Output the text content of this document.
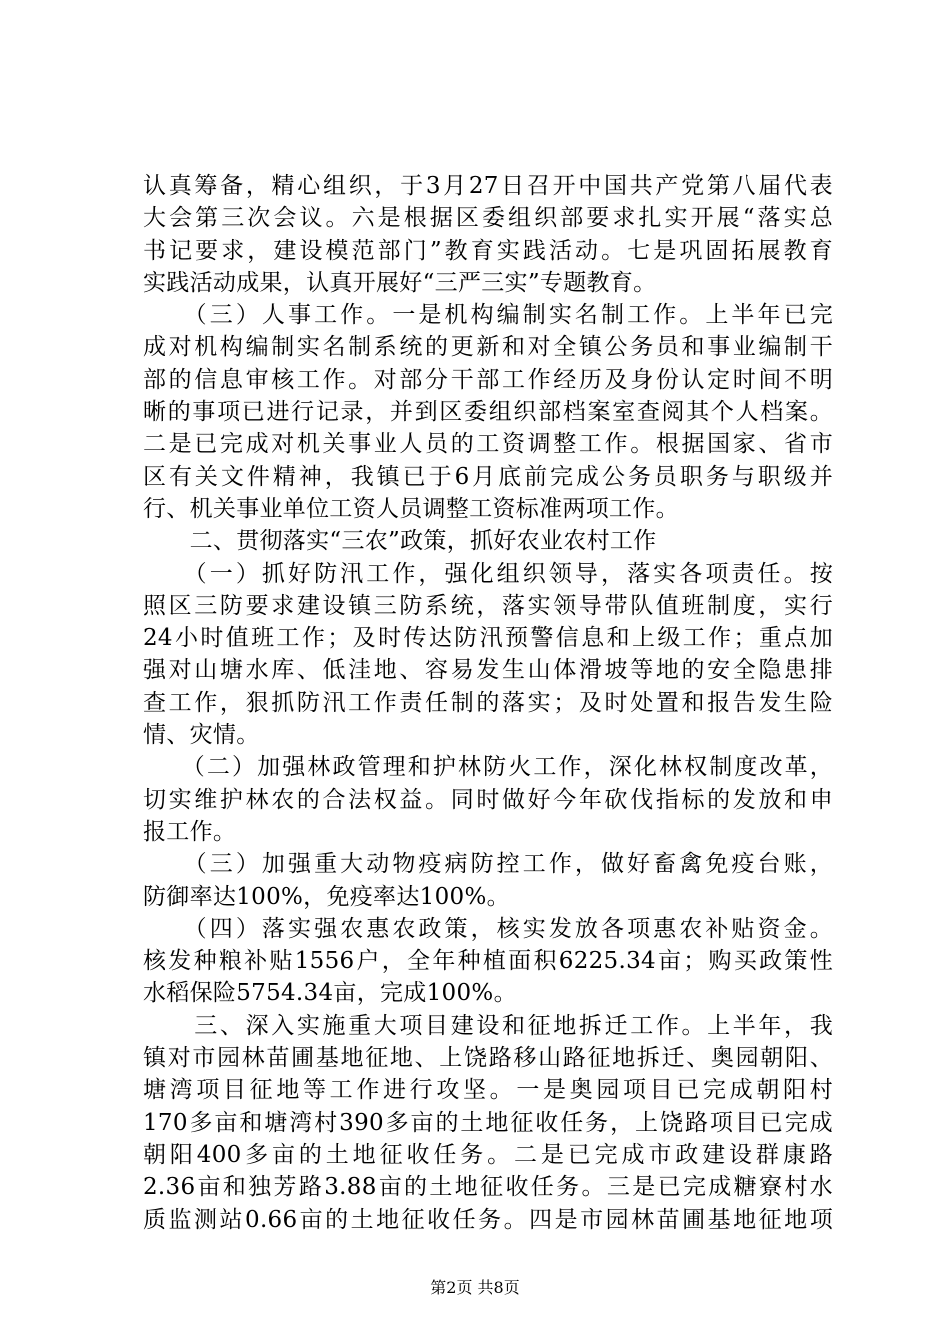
认真筹备，精心组织，于3月27日召开中国共产党第八届代表
大会第三次会议。六是根据区委组织部要求扎实开展“落实总
书记要求，建设模范部门”教育实践活动。七是巩固拓展教育
实践活动成果，认真开展好“三严三实”专题教育。
　　（三）人事工作。一是机构编制实名制工作。上半年已完
成对机构编制实名制系统的更新和对全镇公务员和事业编制干
部的信息审核工作。对部分干部工作经历及身份认定时间不明
晰的事项已进行记录，并到区委组织部档案室查阅其个人档案。
二是已完成对机关事业人员的工资调整工作。根据国家、省市
区有关文件精神，我镇已于6月底前完成公务员职务与职级并
行、机关事业单位工资人员调整工资标准两项工作。
　　二、贯彻落实“三农”政策，抓好农业农村工作
　　（一）抓好防汛工作，强化组织领导，落实各项责任。按
照区三防要求建设镇三防系统，落实领导带队值班制度，实行
24小时值班工作；及时传达防汛预警信息和上级工作；重点加
强对山塘水库、低洼地、容易发生山体滑坡等地的安全隐患排
查工作，狠抓防汛工作责任制的落实；及时处置和报告发生险
情、灾情。
　　（二）加强林政管理和护林防火工作，深化林权制度改革，
切实维护林农的合法权益。同时做好今年砍伐指标的发放和申
报工作。
　　（三）加强重大动物疫病防控工作，做好畜禽免疫台账，
防御率达100%，免疫率达100%。
　　（四）落实强农惠农政策，核实发放各项惠农补贴资金。
核发种粮补贴1556户，全年种植面积6225.34亩；购买政策性
水稻保险5754.34亩，完成100%。
　　三、深入实施重大项目建设和征地拆迁工作。上半年，我
镇对市园林苗圃基地征地、上饶路移山路征地拆迁、奥园朝阳、
塘湾项目征地等工作进行攻坚。一是奥园项目已完成朝阳村
170多亩和塘湾村390多亩的土地征收任务，上饶路项目已完成
朝阳400多亩的土地征收任务。二是已完成市政建设群康路
2.36亩和独芳路3.88亩的土地征收任务。三是已完成糖寮村水
质监测站0.66亩的土地征收任务。四是市园林苗圃基地征地项
第2页 共8页
